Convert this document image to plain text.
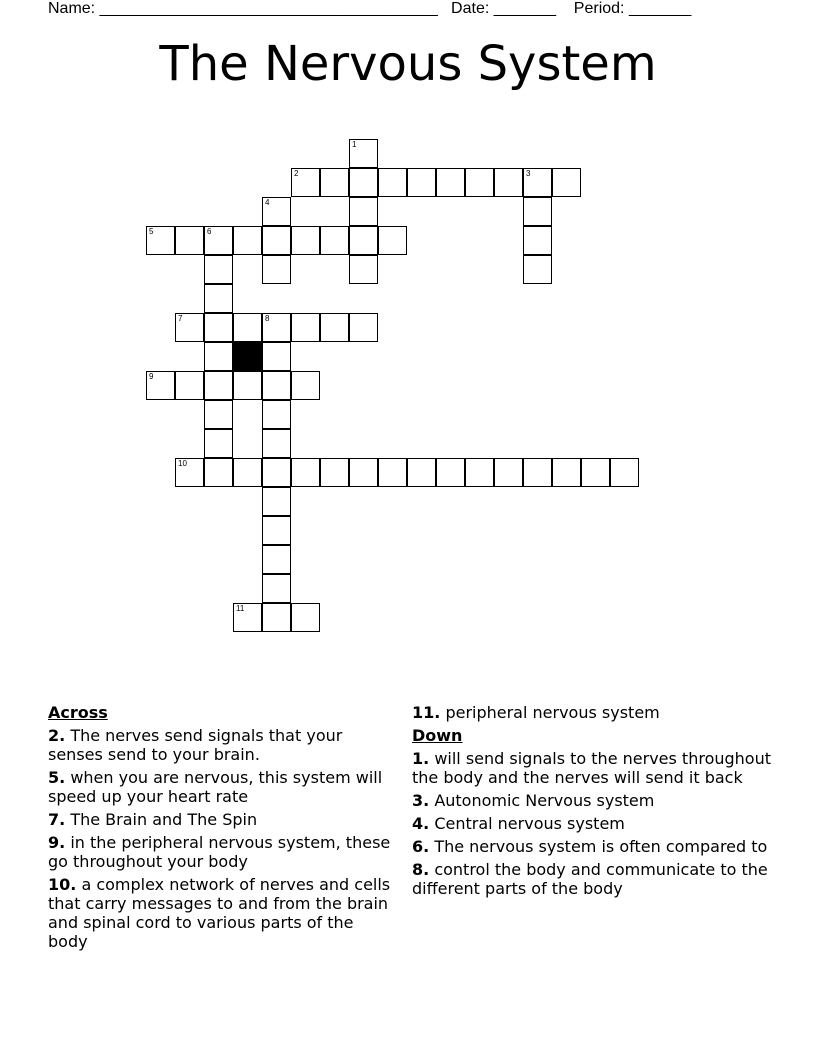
Name: ______________________________________   Date: _______    Period: _______
The Nervous System
1
2	3
4
5	6
7	8
9
10
11
Across
2. The nerves send signals that your senses send to your brain.
5. when you are nervous, this system will speed up your heart rate
7. The Brain and The Spin
9. in the peripheral nervous system, these go throughout your body
10. a complex network of nerves and cells that carry messages to and from the brain and spinal cord to various parts of the body
11. peripheral nervous system
Down
1. will send signals to the nerves throughout the body and the nerves will send it back
3. Autonomic Nervous system
4. Central nervous system
6. The nervous system is often compared to
8. control the body and communicate to the different parts of the body
